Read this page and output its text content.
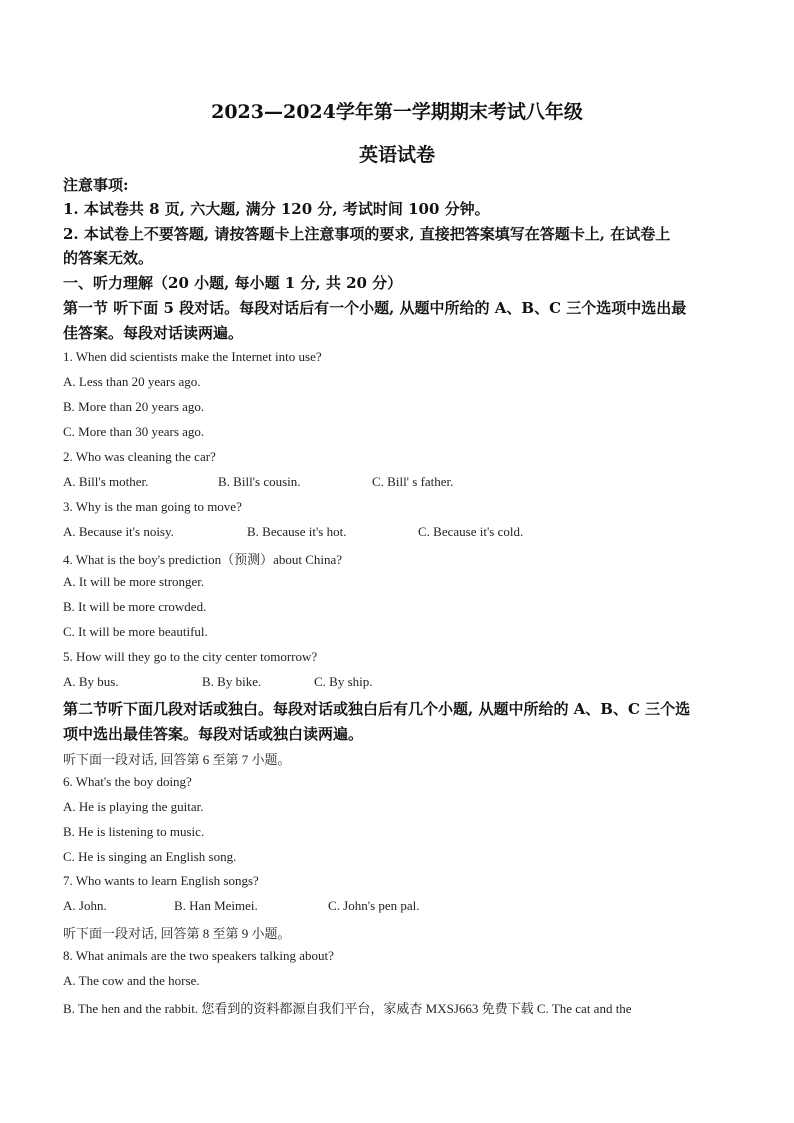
2023—2024学年第一学期期末考试八年级
英语试卷
注意事项:
1. 本试卷共 8 页, 六大题, 满分 120 分, 考试时间 100 分钟。
2. 本试卷上不要答题, 请按答题卡上注意事项的要求, 直接把答案填写在答题卡上, 在试卷上
的答案无效。
一、听力理解（20 小题, 每小题 1 分, 共 20 分）
第一节 听下面 5 段对话。每段对话后有一个小题, 从题中所给的 A、B、C 三个选项中选出最
佳答案。每段对话读两遍。
1. When did scientists make the Internet into use?
A. Less than 20 years ago.
B. More than 20 years ago.
C. More than 30 years ago.
2. Who was cleaning the car?
A. Bill's mother.	B. Bill's cousin.	C. Bill' s father.
3. Why is the man going to move?
A. Because it's noisy.	B. Because it's hot.	C. Because it's cold.
4. What is the boy's prediction（预测）about China?
A. It will be more stronger.
B. It will be more crowded.
C. It will be more beautiful.
5. How will they go to the city center tomorrow?
A. By bus.	B. By bike.	C. By ship.
第二节听下面几段对话或独白。每段对话或独白后有几个小题, 从题中所给的 A、B、C 三个选
项中选出最佳答案。每段对话或独白读两遍。
听下面一段对话, 回答第 6 至第 7 小题。
6. What's the boy doing?
A. He is playing the guitar.
B. He is listening to music.
C. He is singing an English song.
7. Who wants to learn English songs?
A. John.	B. Han Meimei.	C. John's pen pal.
听下面一段对话, 回答第 8 至第 9 小题。
8. What animals are the two speakers talking about?
A. The cow and the horse.
B. The hen and the rabbit. 您看到的资料都源自我们平台，家威杏 MXSJ663 免费下载 C. The cat and the
